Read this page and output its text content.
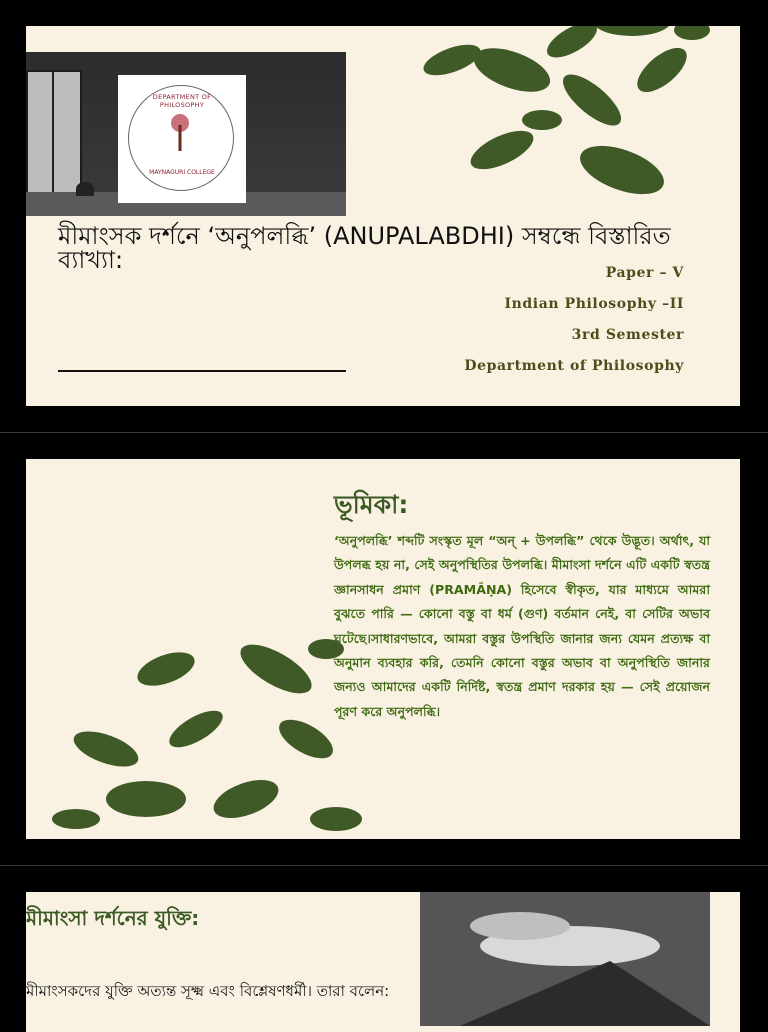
DEPARTMENT OF PHILOSOPHY
MAYNAGURI COLLEGE
মীমাংসক দর্শনে ‘অনুপলব্ধি’ (ANUPALABDHI) সম্বন্ধে বিস্তারিত ব্যাখ্যা:	Paper – V
Indian Philosophy –II
3rd Semester
Department of Philosophy
ভূমিকা:
‘অনুপলব্ধি’ শব্দটি সংস্কৃত মূল “অন্ + উপলব্ধি” থেকে উদ্ভূত। অর্থাৎ, যা উপলব্ধ হয় না, সেই অনুপস্থিতির উপলব্ধি। মীমাংসা দর্শনে এটি একটি স্বতন্ত্র জ্ঞানসাধন প্রমাণ (PRAMĀṆA) হিসেবে স্বীকৃত, যার মাধ্যমে আমরা বুঝতে পারি — কোনো বস্তু বা ধর্ম (গুণ) বর্তমান নেই, বা সেটির অভাব ঘটেছে।সাধারণভাবে, আমরা বস্তুর উপস্থিতি জানার জন্য যেমন প্রত্যক্ষ বা অনুমান ব্যবহার করি, তেমনি কোনো বস্তুর অভাব বা অনুপস্থিতি জানার জন্যও আমাদের একটি নির্দিষ্ট, স্বতন্ত্র প্রমাণ দরকার হয় — সেই প্রয়োজন পূরণ করে অনুপলব্ধি।
মীমাংসা দর্শনের যুক্তি:
মীমাংসকদের যুক্তি অত্যন্ত সূক্ষ্ম এবং বিশ্লেষণধর্মী। তারা বলেন:
